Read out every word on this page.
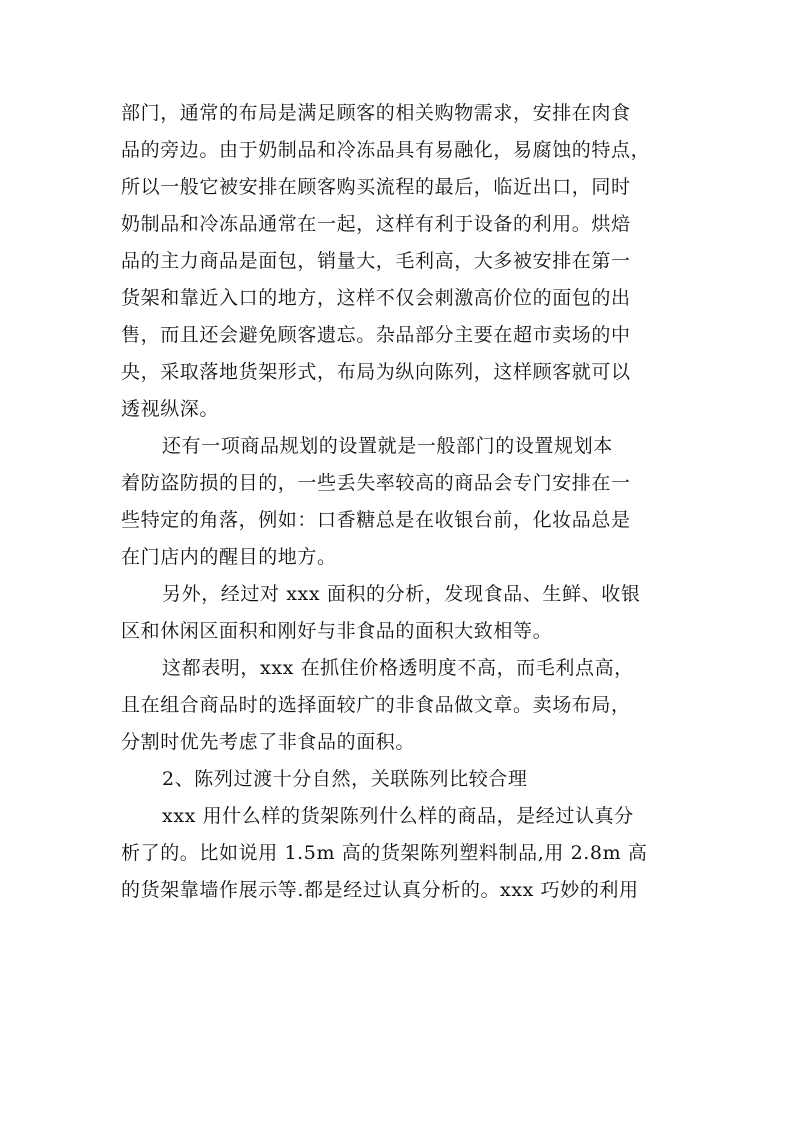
部门，通常的布局是满足顾客的相关购物需求，安排在肉食
品的旁边。由于奶制品和冷冻品具有易融化，易腐蚀的特点，
所以一般它被安排在顾客购买流程的最后，临近出口，同时
奶制品和冷冻品通常在一起，这样有利于设备的利用。烘焙
品的主力商品是面包，销量大，毛利高，大多被安排在第一
货架和靠近入口的地方，这样不仅会刺激高价位的面包的出
售，而且还会避免顾客遗忘。杂品部分主要在超市卖场的中
央，采取落地货架形式，布局为纵向陈列，这样顾客就可以
透视纵深。
还有一项商品规划的设置就是一般部门的设置规划本
着防盗防损的目的，一些丢失率较高的商品会专门安排在一
些特定的角落，例如：口香糖总是在收银台前，化妆品总是
在门店内的醒目的地方。
另外，经过对 xxx 面积的分析，发现食品、生鲜、收银
区和休闲区面积和刚好与非食品的面积大致相等。
这都表明，xxx 在抓住价格透明度不高，而毛利点高，
且在组合商品时的选择面较广的非食品做文章。卖场布局，
分割时优先考虑了非食品的面积。
2、陈列过渡十分自然，关联陈列比较合理
xxx 用什么样的货架陈列什么样的商品，是经过认真分
析了的。比如说用 1.5m 高的货架陈列塑料制品,用 2.8m 高
的货架靠墙作展示等.都是经过认真分析的。xxx 巧妙的利用
